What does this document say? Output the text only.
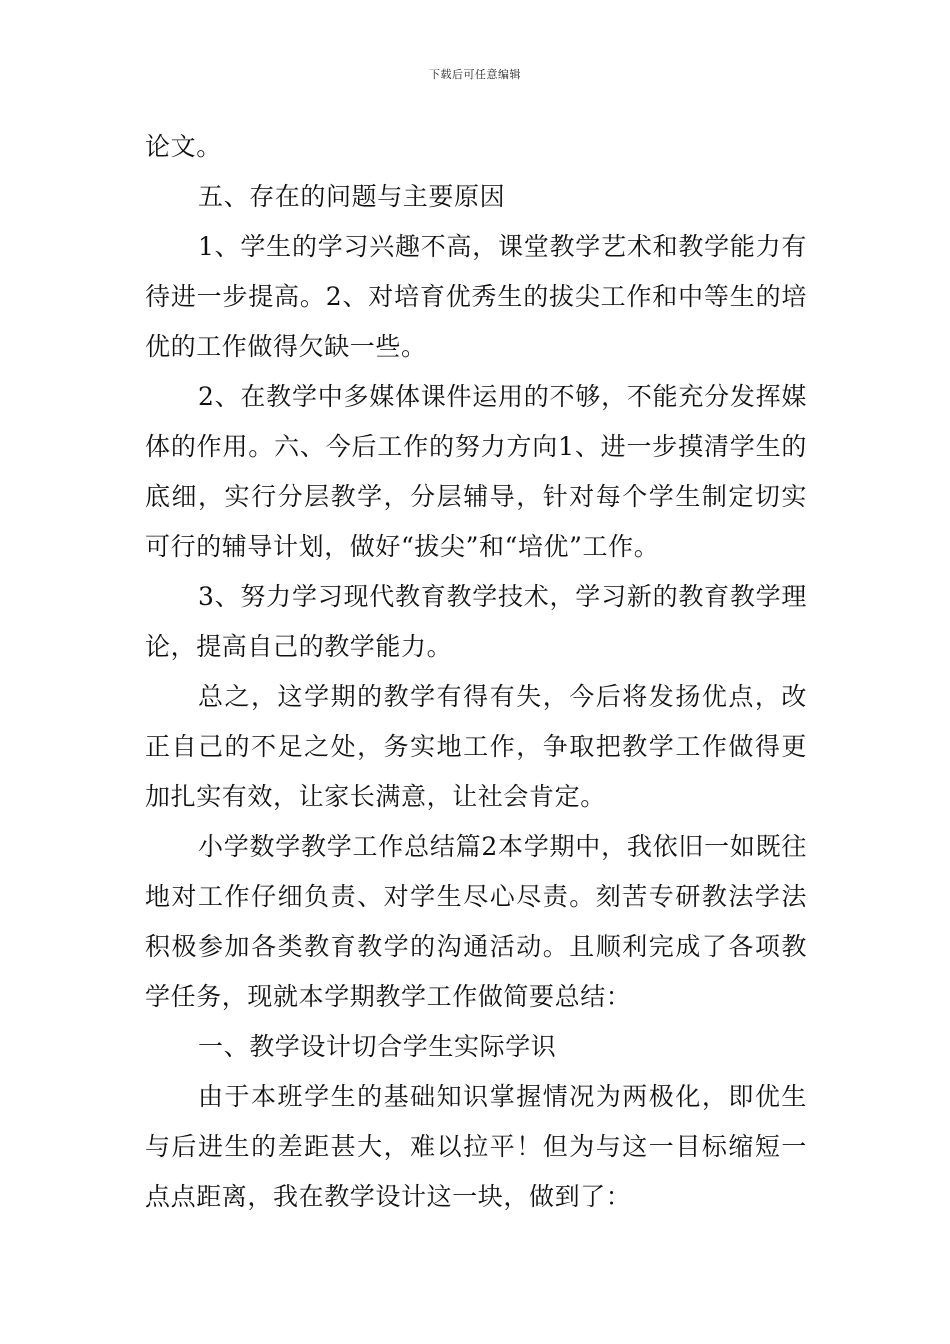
下载后可任意编辑

论文。

五、存在的问题与主要原因

1、学生的学习兴趣不高，课堂教学艺术和教学能力有待进一步提高。2、对培育优秀生的拔尖工作和中等生的培优的工作做得欠缺一些。

2、在教学中多媒体课件运用的不够，不能充分发挥媒体的作用。六、今后工作的努力方向1、进一步摸清学生的底细，实行分层教学，分层辅导，针对每个学生制定切实可行的辅导计划，做好“拔尖”和“培优”工作。

3、努力学习现代教育教学技术，学习新的教育教学理论，提高自己的教学能力。

总之，这学期的教学有得有失，今后将发扬优点，改正自己的不足之处，务实地工作，争取把教学工作做得更加扎实有效，让家长满意，让社会肯定。

小学数学教学工作总结篇2本学期中，我依旧一如既往地对工作仔细负责、对学生尽心尽责。刻苦专研教法学法积极参加各类教育教学的沟通活动。且顺利完成了各项教学任务，现就本学期教学工作做简要总结：

一、教学设计切合学生实际学识

由于本班学生的基础知识掌握情况为两极化，即优生与后进生的差距甚大，难以拉平！但为与这一目标缩短一点点距离，我在教学设计这一块，做到了：
